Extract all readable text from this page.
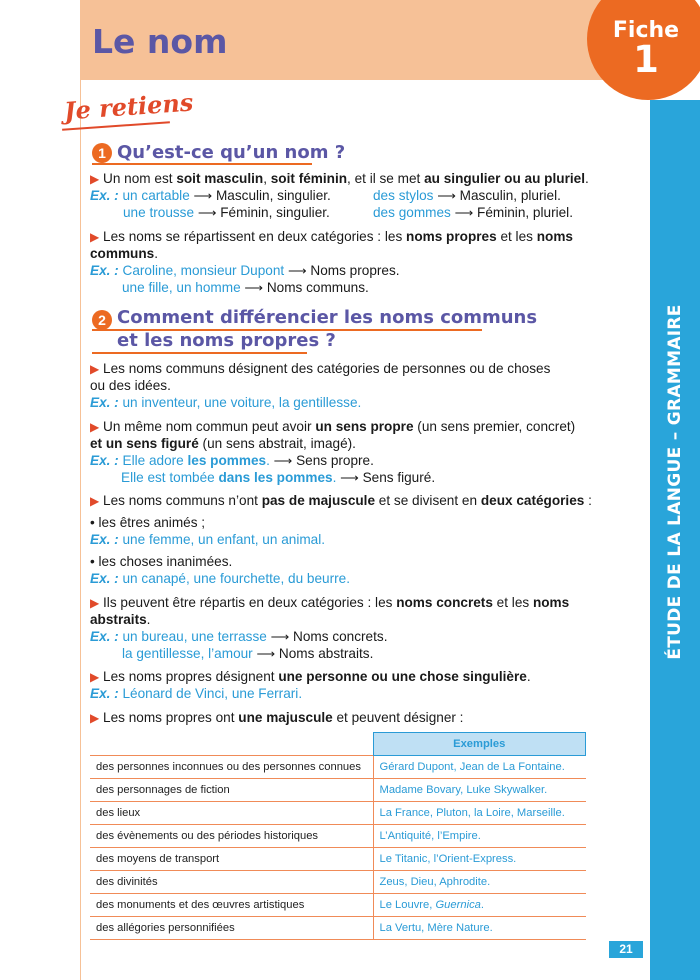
Le nom	Fiche
1
ÉTUDE DE LA LANGUE – GRAMMAIRE
Je retiens
1 Qu’est-ce qu’un nom ?
▶ Un nom est soit masculin, soit féminin, et il se met au singulier ou au pluriel.
Ex. : un cartable ⟶ Masculin, singulier.	des stylos ⟶ Masculin, pluriel.
une trousse ⟶ Féminin, singulier.	des gommes ⟶ Féminin, pluriel.
▶ Les noms se répartissent en deux catégories : les noms propres et les noms
communs.
Ex. : Caroline, monsieur Dupont ⟶ Noms propres.
une fille, un homme ⟶ Noms communs.
2 Comment différencier les noms communs
et les noms propres ?
▶ Les noms communs désignent des catégories de personnes ou de choses
ou des idées.
Ex. : un inventeur, une voiture, la gentillesse.
▶ Un même nom commun peut avoir un sens propre (un sens premier, concret)
et un sens figuré (un sens abstrait, imagé).
Ex. : Elle adore les pommes. ⟶ Sens propre.
Elle est tombée dans les pommes. ⟶ Sens figuré.
▶ Les noms communs n’ont pas de majuscule et se divisent en deux catégories :
• les êtres animés ;
Ex. : une femme, un enfant, un animal.
• les choses inanimées.
Ex. : un canapé, une fourchette, du beurre.
▶ Ils peuvent être répartis en deux catégories : les noms concrets et les noms
abstraits.
Ex. : un bureau, une terrasse ⟶ Noms concrets.
la gentillesse, l’amour ⟶ Noms abstraits.
▶ Les noms propres désignent une personne ou une chose singulière.
Ex. : Léonard de Vinci, une Ferrari.
▶ Les noms propres ont une majuscule et peuvent désigner :
	Exemples
des personnes inconnues ou des personnes connues	Gérard Dupont, Jean de La Fontaine.
des personnages de fiction	Madame Bovary, Luke Skywalker.
des lieux	La France, Pluton, la Loire, Marseille.
des évènements ou des périodes historiques	L’Antiquité, l’Empire.
des moyens de transport	Le Titanic, l’Orient-Express.
des divinités	Zeus, Dieu, Aphrodite.
des monuments et des œuvres artistiques	Le Louvre, Guernica.
des allégories personnifiées	La Vertu, Mère Nature.
21
